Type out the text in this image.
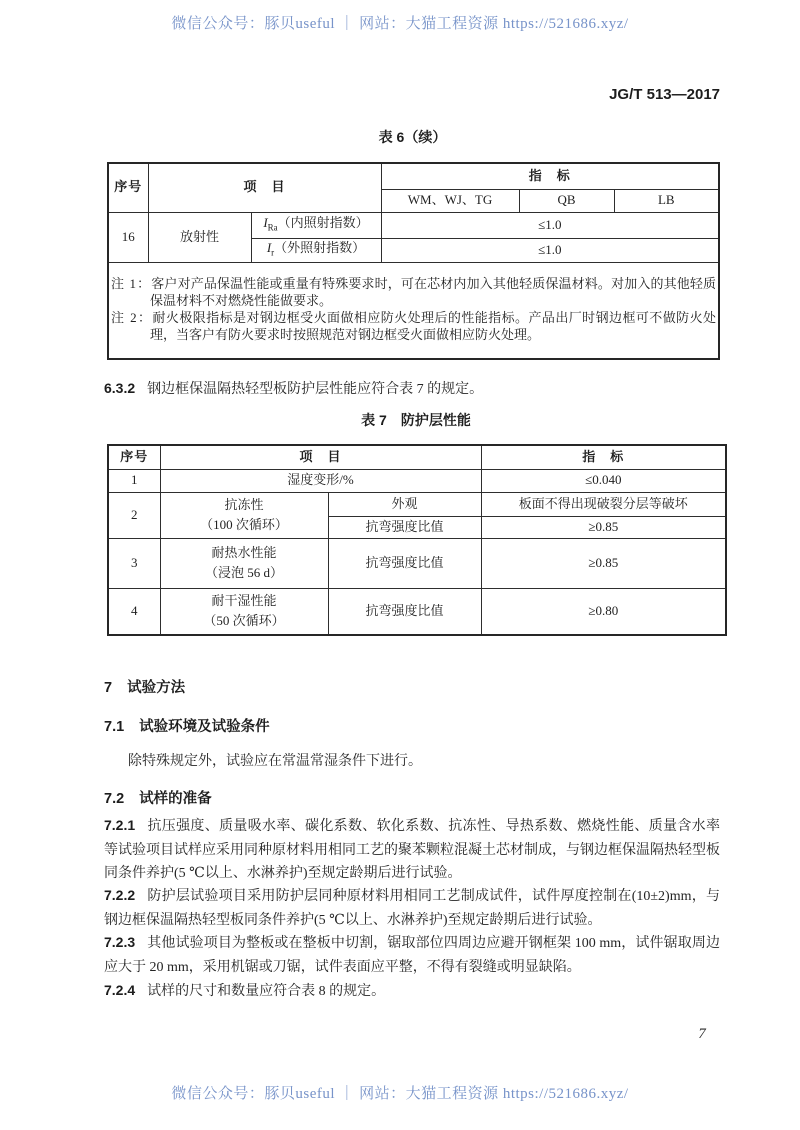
微信公众号：豚贝useful ｜ 网站：大猫工程资源 https://521686.xyz/
JG/T 513—2017
表 6（续）
序号	项　目		指　标		
			WM、WJ、TG	QB	LB
16	放射性	$I_{Ra}$（内照射指数）	≤1.0		
		$I_r$（外照射指数）	≤1.0		

注 1：客户对产品保温性能或重量有特殊要求时，可在芯材内加入其他轻质保温材料。对加入的其他轻质保温材料不对燃烧性能做要求。
注 2：耐火极限指标是对钢边框受火面做相应防火处理后的性能指标。产品出厂时钢边框可不做防火处理，当客户有防火要求时按照规范对钢边框受火面做相应防火处理。					

6.3.2 钢边框保温隔热轻型板防护层性能应符合表 7 的规定。

表 7　防护层性能
序号	项　目		指　标
1	湿度变形/%		≤0.040
2	抗冻性
（100 次循环）	外观	板面不得出现破裂分层等破坏
		抗弯强度比值	≥0.85
3	耐热水性能
（浸泡 56 d）	抗弯强度比值	≥0.85
4	耐干湿性能
（50 次循环）	抗弯强度比值	≥0.80
7 试验方法
7.1 试验环境及试验条件

除特殊规定外，试验应在常温常湿条件下进行。

7.2 试样的准备

7.2.1 抗压强度、质量吸水率、碳化系数、软化系数、抗冻性、导热系数、燃烧性能、质量含水率等试验项目试样应采用同种原材料用相同工艺的聚苯颗粒混凝土芯材制成，与钢边框保温隔热轻型板同条件养护(5 ℃以上、水淋养护)至规定龄期后进行试验。

7.2.2 防护层试验项目采用防护层同种原材料用相同工艺制成试件，试件厚度控制在(10±2)mm，与钢边框保温隔热轻型板同条件养护(5 ℃以上、水淋养护)至规定龄期后进行试验。

7.2.3 其他试验项目为整板或在整板中切割，锯取部位四周边应避开钢框架 100 mm，试件锯取周边应大于 20 mm，采用机锯或刀锯，试件表面应平整，不得有裂缝或明显缺陷。

7.2.4 试样的尺寸和数量应符合表 8 的规定。

7
微信公众号：豚贝useful ｜ 网站：大猫工程资源 https://521686.xyz/
